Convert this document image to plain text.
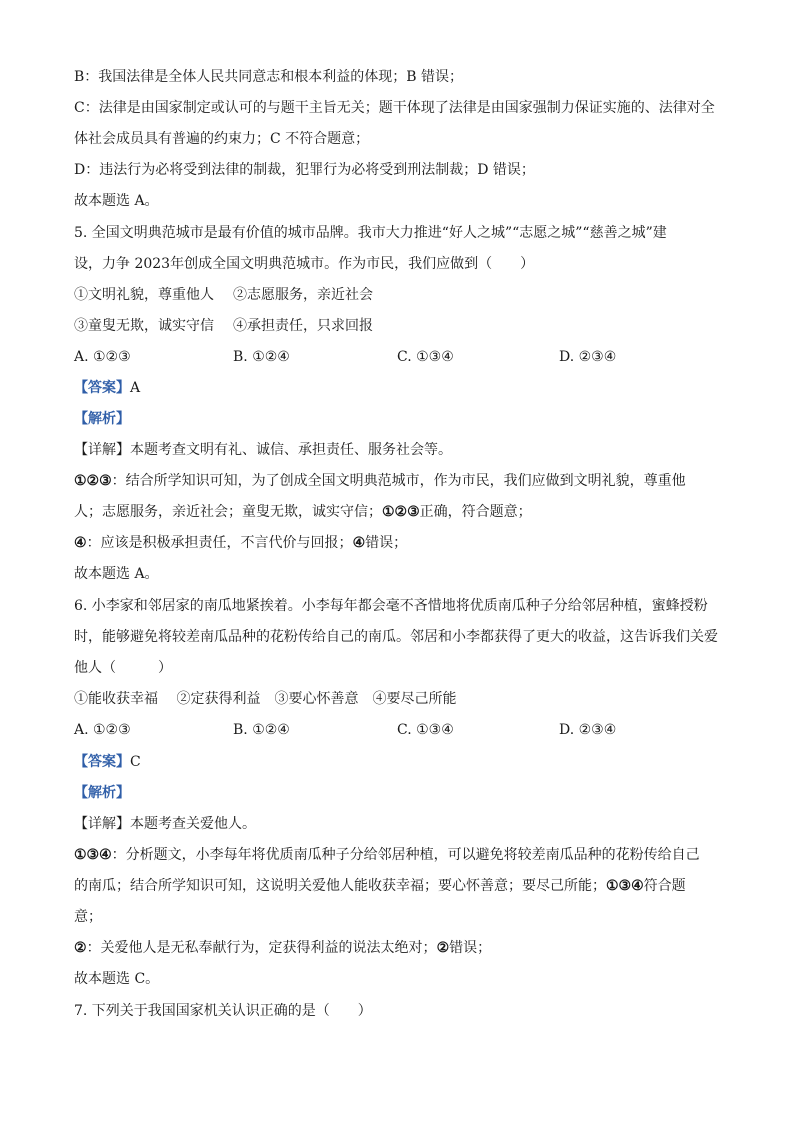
B：我国法律是全体人民共同意志和根本利益的体现；B 错误；
C：法律是由国家制定或认可的与题干主旨无关；题干体现了法律是由国家强制力保证实施的、法律对全
体社会成员具有普遍的约束力；C 不符合题意；
D：违法行为必将受到法律的制裁，犯罪行为必将受到刑法制裁；D 错误；
故本题选 A。
5. 全国文明典范城市是最有价值的城市品牌。我市大力推进“好人之城”“志愿之城”“慈善之城”建
设，力争 2023年创成全国文明典范城市。作为市民，我们应做到（　　）
①文明礼貌，尊重他人 ②志愿服务，亲近社会
③童叟无欺，诚实守信 ④承担责任，只求回报
A. ①②③	B. ①②④	C. ①③④	D. ②③④
【答案】A
【解析】
【详解】本题考查文明有礼、诚信、承担责任、服务社会等。
①②③：结合所学知识可知，为了创成全国文明典范城市，作为市民，我们应做到文明礼貌，尊重他
人；志愿服务，亲近社会；童叟无欺，诚实守信；①②③正确，符合题意；
④：应该是积极承担责任，不言代价与回报；④错误；
故本题选 A。
6. 小李家和邻居家的南瓜地紧挨着。小李每年都会毫不吝惜地将优质南瓜种子分给邻居种植，蜜蜂授粉
时，能够避免将较差南瓜品种的花粉传给自己的南瓜。邻居和小李都获得了更大的收益，这告诉我们关爱
他人（　　　）
①能收获幸福　 ②定获得利益　③要心怀善意　④要尽己所能
A. ①②③	B. ①②④	C. ①③④	D. ②③④
【答案】C
【解析】
【详解】本题考查关爱他人。
①③④：分析题文，小李每年将优质南瓜种子分给邻居种植，可以避免将较差南瓜品种的花粉传给自己
的南瓜；结合所学知识可知，这说明关爱他人能收获幸福；要心怀善意；要尽己所能；①③④符合题
意；
②：关爱他人是无私奉献行为，定获得利益的说法太绝对；②错误；
故本题选 C。
7. 下列关于我国国家机关认识正确的是（　　）
